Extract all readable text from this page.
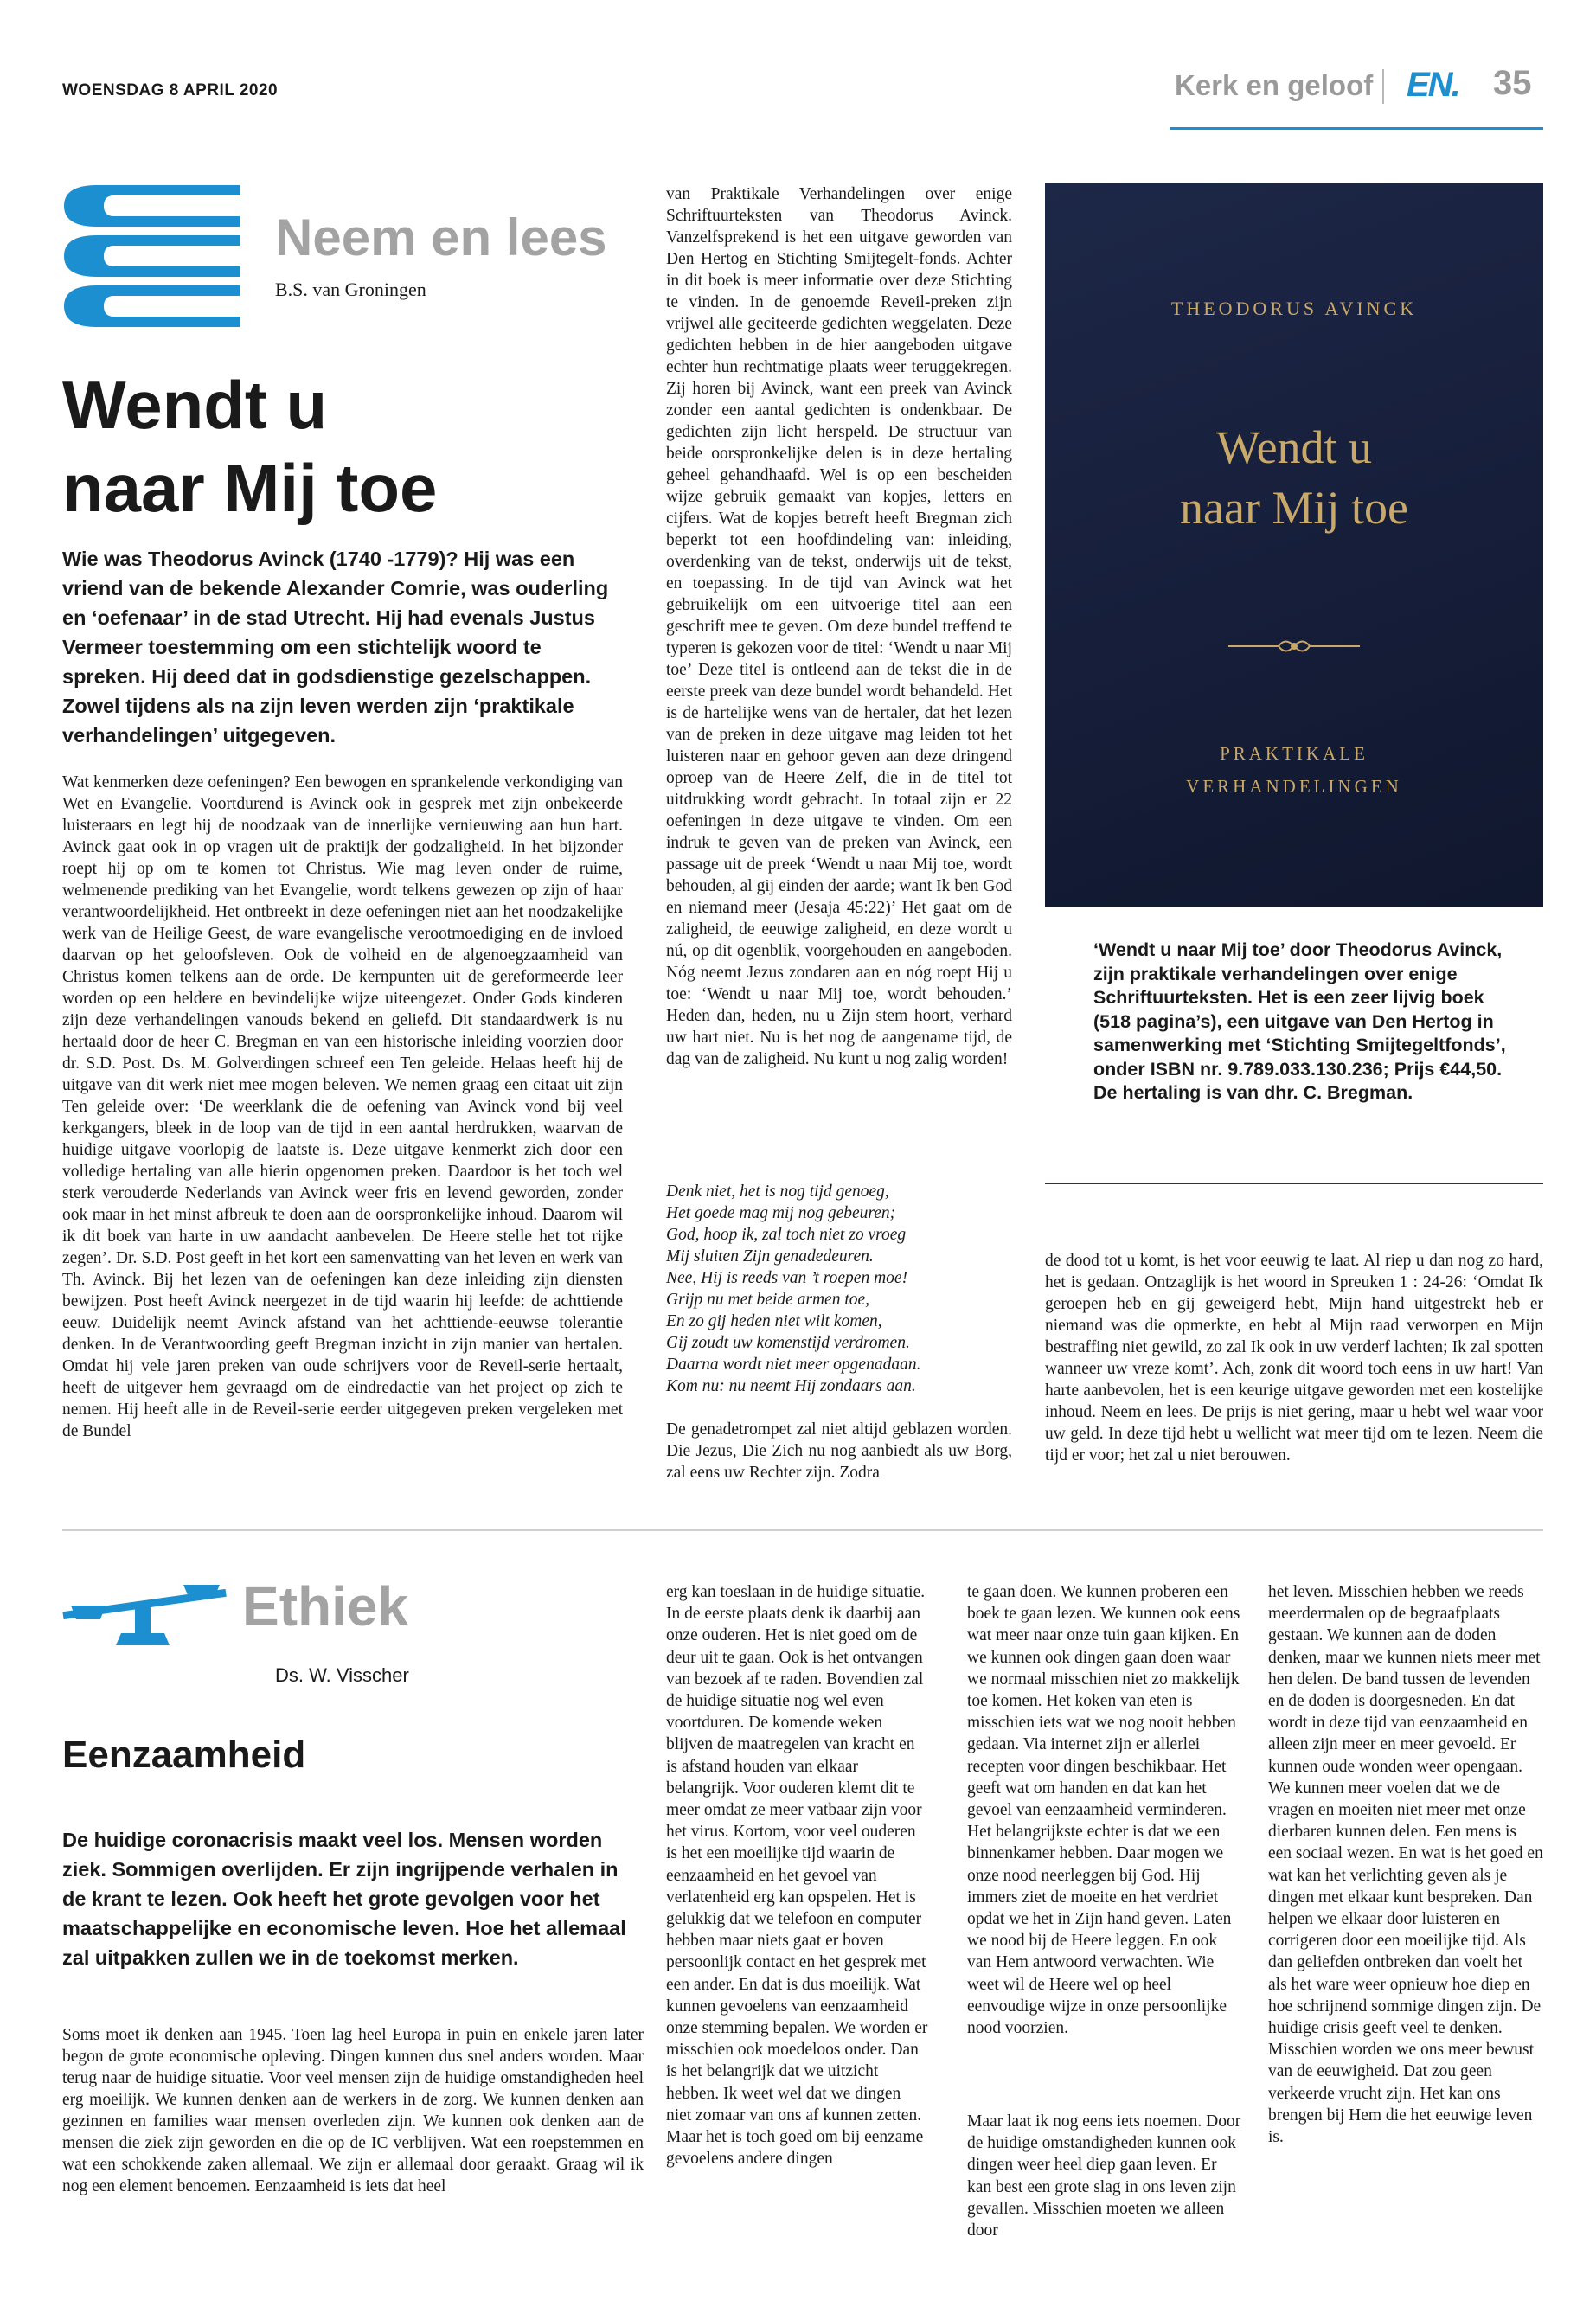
WOENSDAG 8 APRIL 2020	Kerk en geloof EN. 35
Neem en lees
B.S. van Groningen
Wendt u
naar Mij toe
Wie was Theodorus Avinck (1740 -1779)? Hij was een vriend van de bekende Alexander Comrie, was ouderling en ‘oefenaar’ in de stad Utrecht. Hij had evenals Justus Vermeer toestemming om een stichtelijk woord te spreken. Hij deed dat in godsdienstige gezelschappen. Zowel tijdens als na zijn leven werden zijn ‘praktikale verhandelingen’ uitgegeven.
Wat kenmerken deze oefeningen? Een bewogen en sprankelende verkondiging van Wet en Evangelie. Voortdurend is Avinck ook in gesprek met zijn onbekeerde luisteraars en legt hij de noodzaak van de innerlijke vernieuwing aan hun hart. Avinck gaat ook in op vragen uit de praktijk der godzaligheid. In het bijzonder roept hij op om te komen tot Christus. Wie mag leven onder de ruime, welmenende prediking van het Evangelie, wordt telkens gewezen op zijn of haar verantwoordelijkheid. Het ontbreekt in deze oefeningen niet aan het noodzakelijke werk van de Heilige Geest, de ware evangelische verootmoediging en de invloed daarvan op het geloofsleven. Ook de volheid en de algenoegzaamheid van Christus komen telkens aan de orde. De kernpunten uit de gereformeerde leer worden op een heldere en bevindelijke wijze uiteengezet. Onder Gods kinderen zijn deze verhandelingen vanouds bekend en geliefd. Dit standaardwerk is nu hertaald door de heer C. Bregman en van een historische inleiding voorzien door dr. S.D. Post. Ds. M. Golverdingen schreef een Ten geleide. Helaas heeft hij de uitgave van dit werk niet mee mogen beleven. We nemen graag een citaat uit zijn Ten geleide over: ‘De weerklank die de oefening van Avinck vond bij veel kerkgangers, bleek in de loop van de tijd in een aantal herdrukken, waarvan de huidige uitgave voorlopig de laatste is. Deze uitgave kenmerkt zich door een volledige hertaling van alle hierin opgenomen preken. Daardoor is het toch wel sterk verouderde Nederlands van Avinck weer fris en levend geworden, zonder ook maar in het minst afbreuk te doen aan de oorspronkelijke inhoud. Daarom wil ik dit boek van harte in uw aandacht aanbevelen. De Heere stelle het tot rijke zegen’. Dr. S.D. Post geeft in het kort een samenvatting van het leven en werk van Th. Avinck. Bij het lezen van de oefeningen kan deze inleiding zijn diensten bewijzen. Post heeft Avinck neergezet in de tijd waarin hij leefde: de achttiende eeuw. Duidelijk neemt Avinck afstand van het achttiende-eeuwse tolerantie denken. In de Verantwoording geeft Bregman inzicht in zijn manier van hertalen. Omdat hij vele jaren preken van oude schrijvers voor de Reveil-serie hertaalt, heeft de uitgever hem gevraagd om de eindredactie van het project op zich te nemen. Hij heeft alle in de Reveil-serie eerder uitgegeven preken vergeleken met de Bundel
van Praktikale Verhandelingen over enige Schriftuurteksten van Theodorus Avinck. Vanzelfsprekend is het een uitgave geworden van Den Hertog en Stichting Smijtegelt-fonds. Achter in dit boek is meer informatie over deze Stichting te vinden. In de genoemde Reveil-preken zijn vrijwel alle geciteerde gedichten weggelaten. Deze gedichten hebben in de hier aangeboden uitgave echter hun rechtmatige plaats weer teruggekregen. Zij horen bij Avinck, want een preek van Avinck zonder een aantal gedichten is ondenkbaar. De gedichten zijn licht herspeld. De structuur van beide oorspronkelijke delen is in deze hertaling geheel gehandhaafd. Wel is op een bescheiden wijze gebruik gemaakt van kopjes, letters en cijfers. Wat de kopjes betreft heeft Bregman zich beperkt tot een hoofdindeling van: inleiding, overdenking van de tekst, onderwijs uit de tekst, en toepassing. In de tijd van Avinck wat het gebruikelijk om een uitvoerige titel aan een geschrift mee te geven. Om deze bundel treffend te typeren is gekozen voor de titel: ‘Wendt u naar Mij toe’ Deze titel is ontleend aan de tekst die in de eerste preek van deze bundel wordt behandeld. Het is de hartelijke wens van de hertaler, dat het lezen van de preken in deze uitgave mag leiden tot het luisteren naar en gehoor geven aan deze dringend oproep van de Heere Zelf, die in de titel tot uitdrukking wordt gebracht. In totaal zijn er 22 oefeningen in deze uitgave te vinden. Om een indruk te geven van de preken van Avinck, een passage uit de preek ‘Wendt u naar Mij toe, wordt behouden, al gij einden der aarde; want Ik ben God en niemand meer (Jesaja 45:22)’ Het gaat om de zaligheid, de eeuwige zaligheid, en deze wordt u nú, op dit ogenblik, voorgehouden en aangeboden. Nóg neemt Jezus zondaren aan en nóg roept Hij u toe: ‘Wendt u naar Mij toe, wordt behouden.’ Heden dan, heden, nu u Zijn stem hoort, verhard uw hart niet. Nu is het nog de aangename tijd, de dag van de zaligheid. Nu kunt u nog zalig worden!
Denk niet, het is nog tijd genoeg,
Het goede mag mij nog gebeuren;
God, hoop ik, zal toch niet zo vroeg
Mij sluiten Zijn genadedeuren.
Nee, Hij is reeds van ’t roepen moe!
Grijp nu met beide armen toe,
En zo gij heden niet wilt komen,
Gij zoudt uw komenstijd verdromen.
Daarna wordt niet meer opgenadaan.
Kom nu: nu neemt Hij zondaars aan.
De genadetrompet zal niet altijd geblazen worden. Die Jezus, Die Zich nu nog aanbiedt als uw Borg, zal eens uw Rechter zijn. Zodra
de dood tot u komt, is het voor eeuwig te laat. Al riep u dan nog zo hard, het is gedaan. Ontzaglijk is het woord in Spreuken 1 : 24-26: ‘Omdat Ik geroepen heb en gij geweigerd hebt, Mijn hand uitgestrekt heb er niemand was die opmerkte, en hebt al Mijn raad verworpen en Mijn bestraffing niet gewild, zo zal Ik ook in uw verderf lachten; Ik zal spotten wanneer uw vreze komt’. Ach, zonk dit woord toch eens in uw hart! Van harte aanbevolen, het is een keurige uitgave geworden met een kostelijke inhoud. Neem en lees. De prijs is niet gering, maar u hebt wel waar voor uw geld. In deze tijd hebt u wellicht wat meer tijd om te lezen. Neem die tijd er voor; het zal u niet berouwen.
THEODORUS AVINCK
Wendt u
naar Mij toe
PRAKTIKALE
VERHANDELINGEN
‘Wendt u naar Mij toe’ door Theodorus Avinck, zijn praktikale verhandelingen over enige Schriftuurteksten. Het is een zeer lijvig boek (518 pagina’s), een uitgave van Den Hertog in samenwerking met ‘Stichting Smijtegeltfonds’, onder ISBN nr. 9.789.033.130.236; Prijs €44,50. De hertaling is van dhr. C. Bregman.
Ethiek
Ds. W. Visscher
Eenzaamheid
De huidige coronacrisis maakt veel los. Mensen worden ziek. Sommigen overlijden. Er zijn ingrijpende verhalen in de krant te lezen. Ook heeft het grote gevolgen voor het maatschappelijke en economische leven. Hoe het allemaal zal uitpakken zullen we in de toekomst merken.
Soms moet ik denken aan 1945. Toen lag heel Europa in puin en enkele jaren later begon de grote economische opleving. Dingen kunnen dus snel anders worden. Maar terug naar de huidige situatie. Voor veel mensen zijn de huidige omstandigheden heel erg moeilijk. We kunnen denken aan de werkers in de zorg. We kunnen denken aan gezinnen en families waar mensen overleden zijn. We kunnen ook denken aan de mensen die ziek zijn geworden en die op de IC verblijven. Wat een roepstemmen en wat een schokkende zaken allemaal. We zijn er allemaal door geraakt. Graag wil ik nog een element benoemen. Eenzaamheid is iets dat heel
erg kan toeslaan in de huidige situatie. In de eerste plaats denk ik daarbij aan onze ouderen. Het is niet goed om de deur uit te gaan. Ook is het ontvangen van bezoek af te raden. Bovendien zal de huidige situatie nog wel even voortduren. De komende weken blijven de maatregelen van kracht en is afstand houden van elkaar belangrijk. Voor ouderen klemt dit te meer omdat ze meer vatbaar zijn voor het virus. Kortom, voor veel ouderen is het een moeilijke tijd waarin de eenzaamheid en het gevoel van verlatenheid erg kan opspelen. Het is gelukkig dat we telefoon en computer hebben maar niets gaat er boven persoonlijk contact en het gesprek met een ander. En dat is dus moeilijk. Wat kunnen gevoelens van eenzaamheid onze stemming bepalen. We worden er misschien ook moedeloos onder. Dan is het belangrijk dat we uitzicht hebben. Ik weet wel dat we dingen niet zomaar van ons af kunnen zetten. Maar het is toch goed om bij eenzame gevoelens andere dingen
te gaan doen. We kunnen proberen een boek te gaan lezen. We kunnen ook eens wat meer naar onze tuin gaan kijken. En we kunnen ook dingen gaan doen waar we normaal misschien niet zo makkelijk toe komen. Het koken van eten is misschien iets wat we nog nooit hebben gedaan. Via internet zijn er allerlei recepten voor dingen beschikbaar. Het geeft wat om handen en dat kan het gevoel van eenzaamheid verminderen. Het belangrijkste echter is dat we een binnenkamer hebben. Daar mogen we onze nood neerleggen bij God. Hij immers ziet de moeite en het verdriet opdat we het in Zijn hand geven. Laten we nood bij de Heere leggen. En ook van Hem antwoord verwachten. Wie weet wil de Heere wel op heel eenvoudige wijze in onze persoonlijke nood voorzien.
Maar laat ik nog eens iets noemen. Door de huidige omstandigheden kunnen ook dingen weer heel diep gaan leven. Er kan best een grote slag in ons leven zijn gevallen. Misschien moeten we alleen door
het leven. Misschien hebben we reeds meerdermalen op de begraafplaats gestaan. We kunnen aan de doden denken, maar we kunnen niets meer met hen delen. De band tussen de levenden en de doden is doorgesneden. En dat wordt in deze tijd van eenzaamheid en alleen zijn meer en meer gevoeld. Er kunnen oude wonden weer opengaan. We kunnen meer voelen dat we de vragen en moeiten niet meer met onze dierbaren kunnen delen. Een mens is een sociaal wezen. En wat is het goed en wat kan het verlichting geven als je dingen met elkaar kunt bespreken. Dan helpen we elkaar door luisteren en corrigeren door een moeilijke tijd. Als dan geliefden ontbreken dan voelt het als het ware weer opnieuw hoe diep en hoe schrijnend sommige dingen zijn. De huidige crisis geeft veel te denken. Misschien worden we ons meer bewust van de eeuwigheid. Dat zou geen verkeerde vrucht zijn. Het kan ons brengen bij Hem die het eeuwige leven is.
